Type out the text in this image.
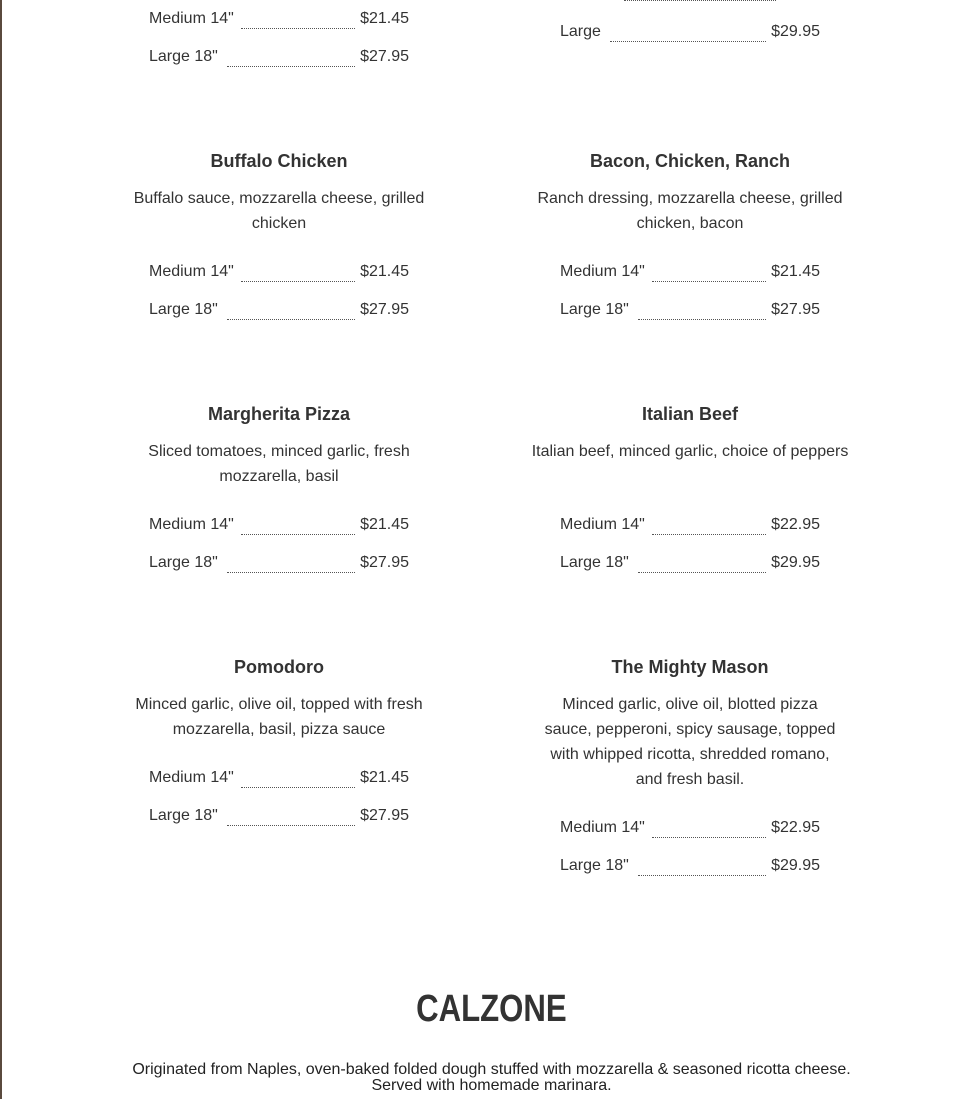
Medium 14"	$21.45
Large 18"	$27.95
Large	$29.95
Buffalo Chicken
Buffalo sauce, mozzarella cheese, grilled chicken
Medium 14"	$21.45
Large 18"	$27.95
Bacon, Chicken, Ranch
Ranch dressing, mozzarella cheese, grilled chicken, bacon
Medium 14"	$21.45
Large 18"	$27.95
Margherita Pizza
Sliced tomatoes, minced garlic, fresh mozzarella, basil
Medium 14"	$21.45
Large 18"	$27.95
Italian Beef
Italian beef, minced garlic, choice of peppers
Medium 14"	$22.95
Large 18"	$29.95
Pomodoro
Minced garlic, olive oil, topped with fresh mozzarella, basil, pizza sauce
Medium 14"	$21.45
Large 18"	$27.95
The Mighty Mason
Minced garlic, olive oil, blotted pizza sauce, pepperoni, spicy sausage, topped with whipped ricotta, shredded romano, and fresh basil.
Medium 14"	$22.95
Large 18"	$29.95
CALZONE
Originated from Naples, oven-baked folded dough stuffed with mozzarella & seasoned ricotta cheese. Served with homemade marinara.
